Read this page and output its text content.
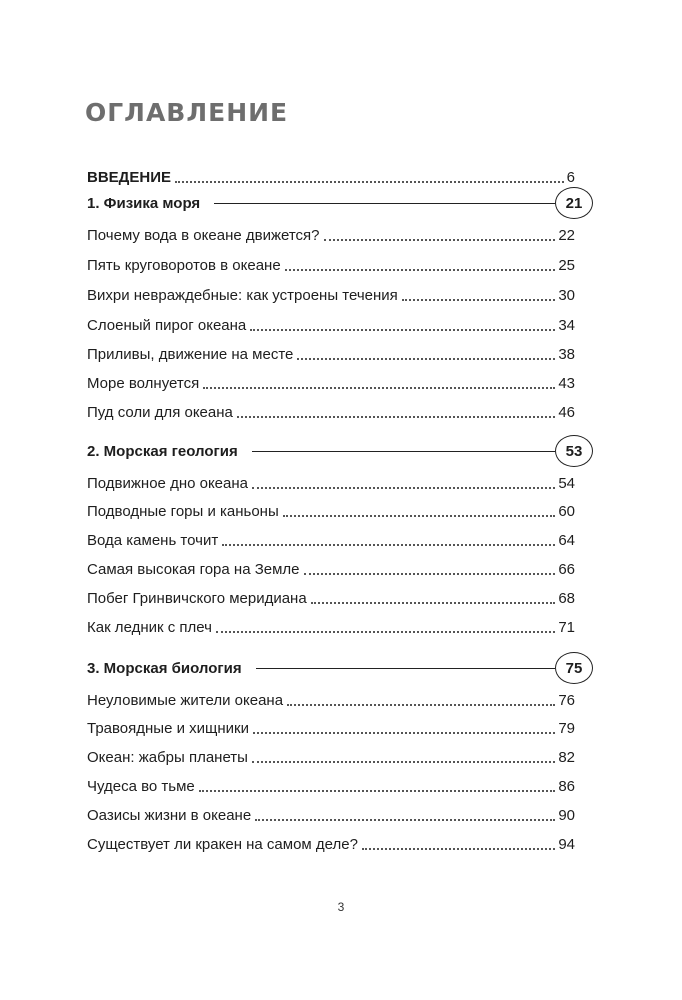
ОГЛАВЛЕНИЕ
ВВЕДЕНИЕ	6
1. Физика моря	21
Почему вода в океане движется?	22
Пять круговоротов в океане	25
Вихри невраждебные: как устроены течения	30
Слоеный пирог океана	34
Приливы, движение на месте	38
Море волнуется	43
Пуд соли для океана	46
2. Морская геология	53
Подвижное дно океана	54
Подводные горы и каньоны	60
Вода камень точит	64
Самая высокая гора на Земле	66
Побег Гринвичского меридиана	68
Как ледник с плеч	71
3. Морская биология	75
Неуловимые жители океана	76
Травоядные и хищники	79
Океан: жабры планеты	82
Чудеса во тьме	86
Оазисы жизни в океане	90
Существует ли кракен на самом деле?	94
3
